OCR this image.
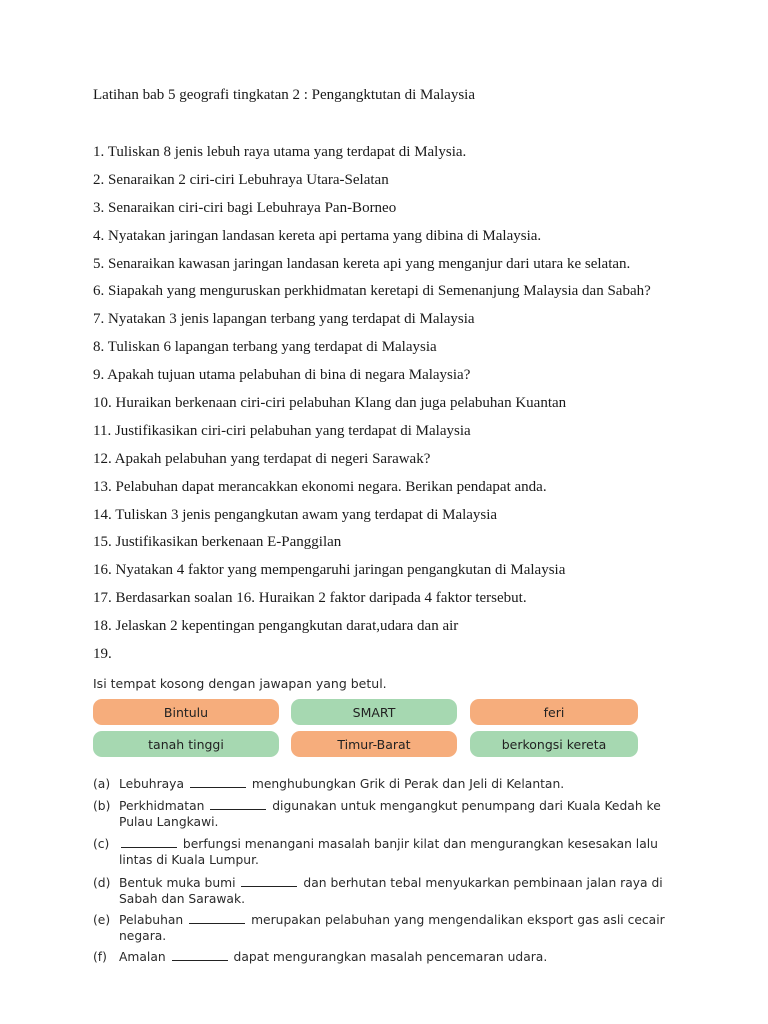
Latihan bab 5 geografi tingkatan 2 : Pengangktutan di Malaysia
1. Tuliskan 8 jenis lebuh raya utama yang terdapat di Malysia.
2. Senaraikan 2 ciri-ciri Lebuhraya Utara-Selatan
3. Senaraikan ciri-ciri bagi Lebuhraya Pan-Borneo
4. Nyatakan jaringan landasan kereta api pertama yang dibina di Malaysia.
5. Senaraikan kawasan jaringan landasan kereta api yang menganjur dari utara ke selatan.
6. Siapakah yang menguruskan perkhidmatan keretapi di Semenanjung Malaysia dan Sabah?
7. Nyatakan 3 jenis lapangan terbang yang terdapat di Malaysia
8. Tuliskan 6 lapangan terbang yang terdapat di Malaysia
9. Apakah tujuan utama pelabuhan di bina di negara Malaysia?
10. Huraikan berkenaan ciri-ciri pelabuhan Klang dan juga pelabuhan Kuantan
11. Justifikasikan ciri-ciri pelabuhan yang terdapat di Malaysia
12. Apakah pelabuhan yang terdapat di negeri Sarawak?
13. Pelabuhan dapat merancakkan ekonomi negara. Berikan pendapat anda.
14. Tuliskan 3 jenis pengangkutan awam yang terdapat di Malaysia
15. Justifikasikan berkenaan E-Panggilan
16. Nyatakan 4 faktor yang mempengaruhi jaringan pengangkutan di Malaysia
17. Berdasarkan soalan 16. Huraikan 2 faktor daripada 4 faktor tersebut.
18. Jelaskan 2 kepentingan pengangkutan darat,udara dan air
19.
Isi tempat kosong dengan jawapan yang betul.
Bintulu	SMART	feri
tanah tinggi	Timur-Barat	berkongsi kereta
(a) Lebuhraya	menghubungkan Grik di Perak dan Jeli di Kelantan.
(b) Perkhidmatan	digunakan untuk mengangkut penumpang dari Kuala Kedah ke Pulau Langkawi.
(c)	berfungsi menangani masalah banjir kilat dan mengurangkan kesesakan lalu lintas di Kuala Lumpur.
(d) Bentuk muka bumi	dan berhutan tebal menyukarkan pembinaan jalan raya di Sabah dan Sarawak.
(e) Pelabuhan	merupakan pelabuhan yang mengendalikan eksport gas asli cecair negara.
(f) Amalan	dapat mengurangkan masalah pencemaran udara.
